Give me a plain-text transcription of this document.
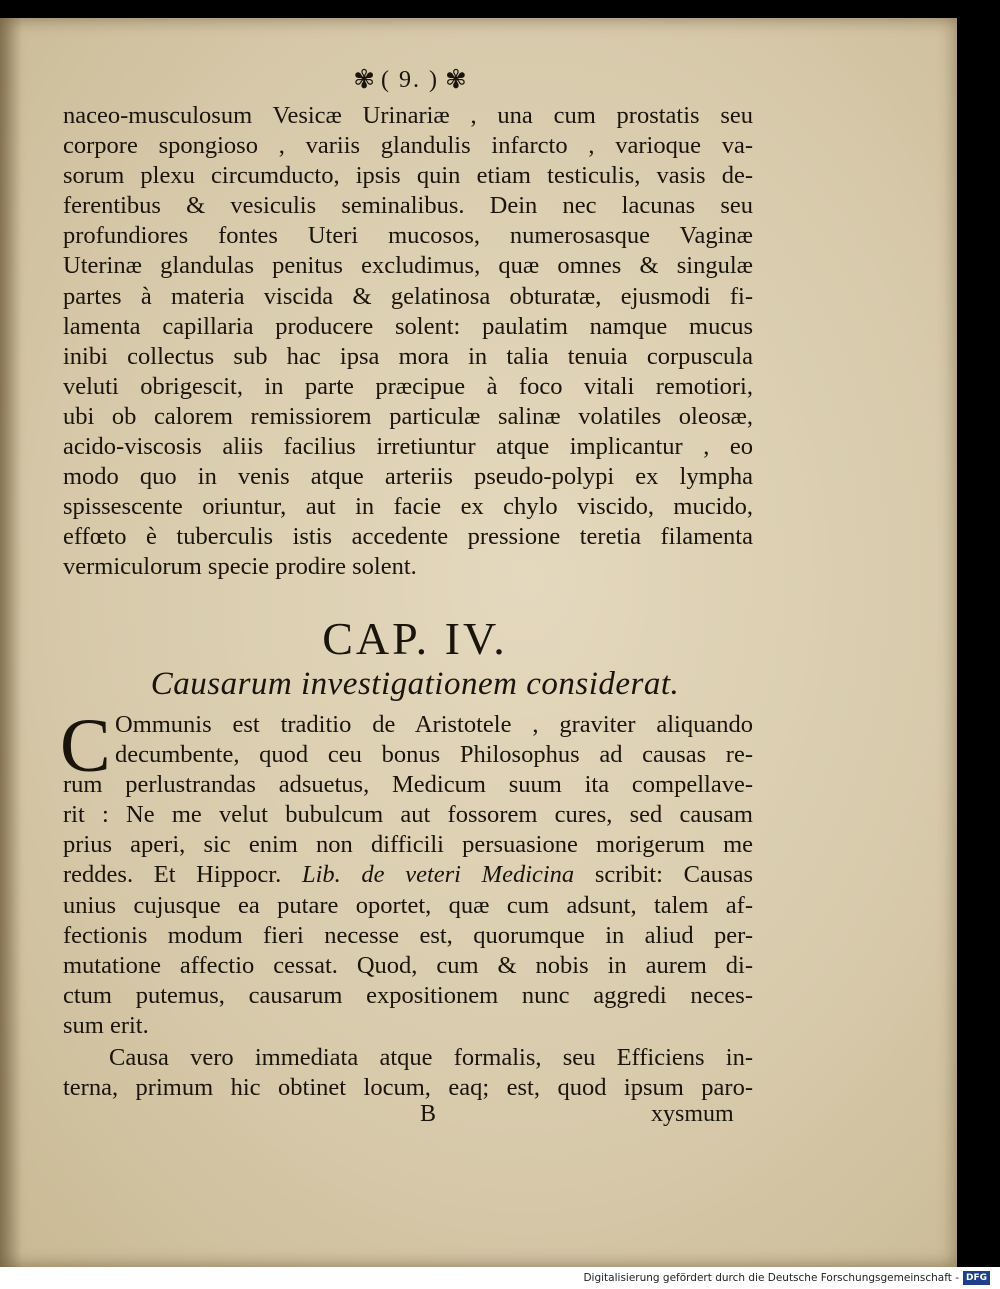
✾ ( 9. ) ✾
naceo-musculosum Vesicæ Urinariæ , una cum prostatis seu
corpore spongioso , variis glandulis infarcto , varioque va-
sorum plexu circumducto, ipsis quin etiam testiculis, vasis de-
ferentibus & vesiculis seminalibus. Dein nec lacunas seu
profundiores fontes Uteri mucosos, numerosasque Vaginæ
Uterinæ glandulas penitus excludimus, quæ omnes & singulæ
partes à materia viscida & gelatinosa obturatæ, ejusmodi fi-
lamenta capillaria producere solent: paulatim namque mucus
inibi collectus sub hac ipsa mora in talia tenuia corpuscula
veluti obrigescit, in parte præcipue à foco vitali remotiori,
ubi ob calorem remissiorem particulæ salinæ volatiles oleosæ,
acido-viscosis aliis facilius irretiuntur atque implicantur , eo
modo quo in venis atque arteriis pseudo-polypi ex lympha
spissescente oriuntur, aut in facie ex chylo viscido, mucido,
effœto è tuberculis istis accedente pressione teretia filamenta
vermiculorum specie prodire solent.
CAP. IV.
Causarum investigationem considerat.
C Ommunis est traditio de Aristotele , graviter aliquando
decumbente, quod ceu bonus Philosophus ad causas re-
rum perlustrandas adsuetus, Medicum suum ita compellave-
rit : Ne me velut bubulcum aut fossorem cures, sed causam
prius aperi, sic enim non difficili persuasione morigerum me
reddes. Et Hippocr. Lib. de veteri Medicina scribit: Causas
unius cujusque ea putare oportet, quæ cum adsunt, talem af-
fectionis modum fieri necesse est, quorumque in aliud per-
mutatione affectio cessat. Quod, cum & nobis in aurem di-
ctum putemus, causarum expositionem nunc aggredi neces-
sum erit.
Causa vero immediata atque formalis, seu Efficiens in-
terna, primum hic obtinet locum, eaq; est, quod ipsum paro-
B	xysmum
Digitalisierung gefördert durch die Deutsche Forschungsgemeinschaft - DFG
